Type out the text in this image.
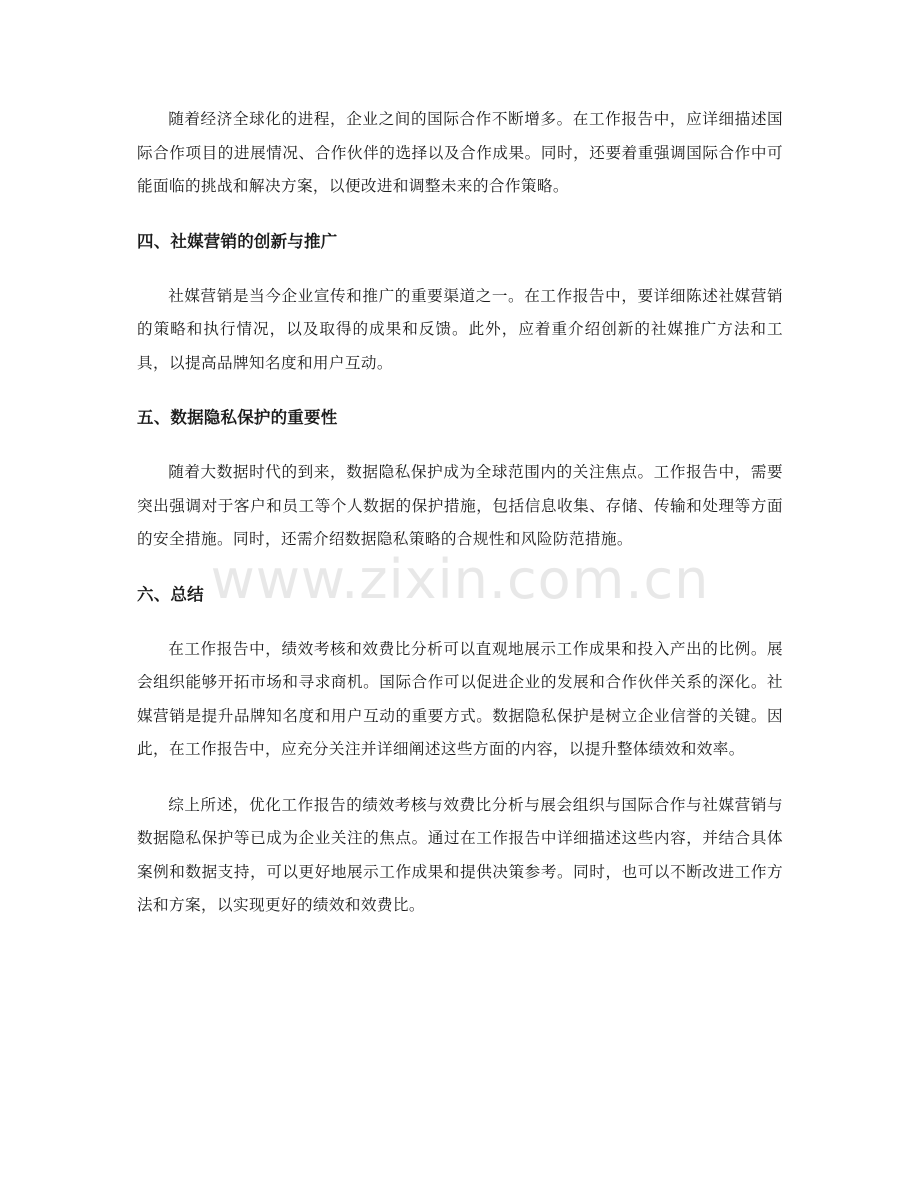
随着经济全球化的进程，企业之间的国际合作不断增多。在工作报告中，应详细描述国际合作项目的进展情况、合作伙伴的选择以及合作成果。同时，还要着重强调国际合作中可能面临的挑战和解决方案，以便改进和调整未来的合作策略。

四、社媒营销的创新与推广

社媒营销是当今企业宣传和推广的重要渠道之一。在工作报告中，要详细陈述社媒营销的策略和执行情况，以及取得的成果和反馈。此外，应着重介绍创新的社媒推广方法和工具，以提高品牌知名度和用户互动。

五、数据隐私保护的重要性

随着大数据时代的到来，数据隐私保护成为全球范围内的关注焦点。工作报告中，需要突出强调对于客户和员工等个人数据的保护措施，包括信息收集、存储、传输和处理等方面的安全措施。同时，还需介绍数据隐私策略的合规性和风险防范措施。

六、总结

在工作报告中，绩效考核和效费比分析可以直观地展示工作成果和投入产出的比例。展会组织能够开拓市场和寻求商机。国际合作可以促进企业的发展和合作伙伴关系的深化。社媒营销是提升品牌知名度和用户互动的重要方式。数据隐私保护是树立企业信誉的关键。因此，在工作报告中，应充分关注并详细阐述这些方面的内容，以提升整体绩效和效率。

综上所述，优化工作报告的绩效考核与效费比分析与展会组织与国际合作与社媒营销与数据隐私保护等已成为企业关注的焦点。通过在工作报告中详细描述这些内容，并结合具体案例和数据支持，可以更好地展示工作成果和提供决策参考。同时，也可以不断改进工作方法和方案，以实现更好的绩效和效费比。

www.zixin.com.cn
